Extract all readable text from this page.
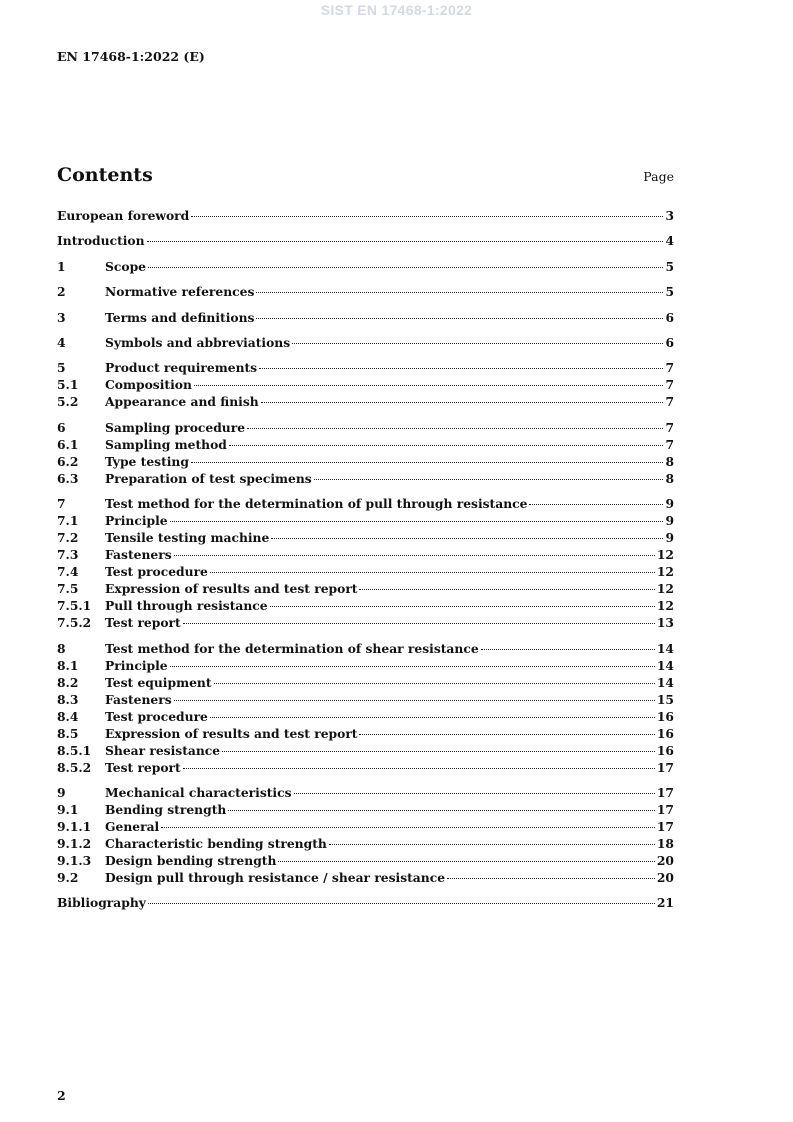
SIST EN 17468-1:2022
EN 17468-1:2022 (E)
Contents	Page
European foreword	3
Introduction	4
1	Scope	5
2	Normative references	5
3	Terms and definitions	6
4	Symbols and abbreviations	6
5	Product requirements	7
5.1	Composition	7
5.2	Appearance and finish	7
6	Sampling procedure	7
6.1	Sampling method	7
6.2	Type testing	8
6.3	Preparation of test specimens	8
7	Test method for the determination of pull through resistance	9
7.1	Principle	9
7.2	Tensile testing machine	9
7.3	Fasteners	12
7.4	Test procedure	12
7.5	Expression of results and test report	12
7.5.1	Pull through resistance	12
7.5.2	Test report	13
8	Test method for the determination of shear resistance	14
8.1	Principle	14
8.2	Test equipment	14
8.3	Fasteners	15
8.4	Test procedure	16
8.5	Expression of results and test report	16
8.5.1	Shear resistance	16
8.5.2	Test report	17
9	Mechanical characteristics	17
9.1	Bending strength	17
9.1.1	General	17
9.1.2	Characteristic bending strength	18
9.1.3	Design bending strength	20
9.2	Design pull through resistance / shear resistance	20
Bibliography	21
2
